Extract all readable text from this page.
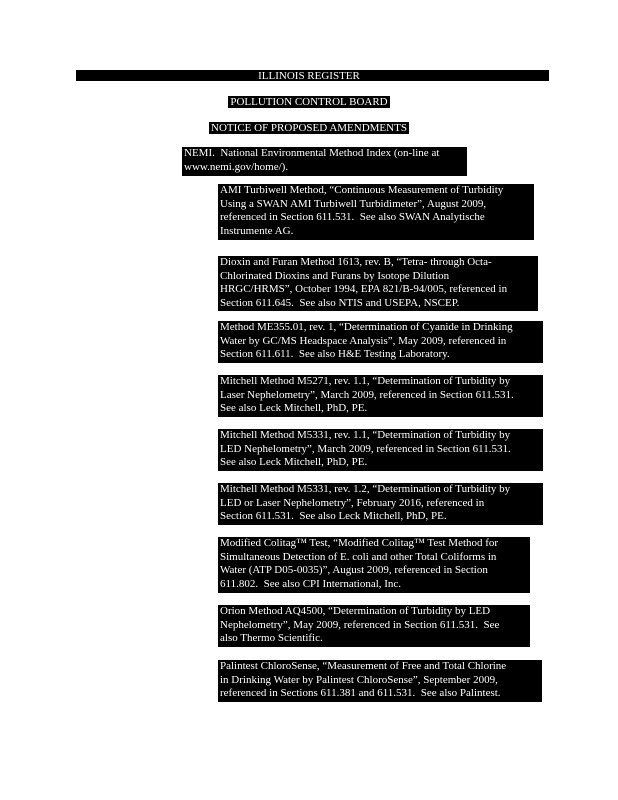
ILLINOIS REGISTER
POLLUTION CONTROL BOARD
NOTICE OF PROPOSED AMENDMENTS
NEMI.  National Environmental Method Index (on-line at
www.nemi.gov/home/).
AMI Turbiwell Method, “Continuous Measurement of Turbidity
Using a SWAN AMI Turbiwell Turbidimeter”, August 2009,
referenced in Section 611.531.  See also SWAN Analytische
Instrumente AG.
Dioxin and Furan Method 1613, rev. B, “Tetra- through Octa-
Chlorinated Dioxins and Furans by Isotope Dilution
HRGC/HRMS”, October 1994, EPA 821/B-94/005, referenced in
Section 611.645.  See also NTIS and USEPA, NSCEP.
Method ME355.01, rev. 1, “Determination of Cyanide in Drinking
Water by GC/MS Headspace Analysis”, May 2009, referenced in
Section 611.611.  See also H&E Testing Laboratory.
Mitchell Method M5271, rev. 1.1, “Determination of Turbidity by
Laser Nephelometry”, March 2009, referenced in Section 611.531.
See also Leck Mitchell, PhD, PE.
Mitchell Method M5331, rev. 1.1, “Determination of Turbidity by
LED Nephelometry”, March 2009, referenced in Section 611.531.
See also Leck Mitchell, PhD, PE.
Mitchell Method M5331, rev. 1.2, “Determination of Turbidity by
LED or Laser Nephelometry”, February 2016, referenced in
Section 611.531.  See also Leck Mitchell, PhD, PE.
Modified Colitag™ Test, “Modified Colitag™ Test Method for
Simultaneous Detection of E. coli and other Total Coliforms in
Water (ATP D05-0035)”, August 2009, referenced in Section
611.802.  See also CPI International, Inc.
Orion Method AQ4500, “Determination of Turbidity by LED
Nephelometry”, May 2009, referenced in Section 611.531.  See
also Thermo Scientific.
Palintest ChloroSense, “Measurement of Free and Total Chlorine
in Drinking Water by Palintest ChloroSense”, September 2009,
referenced in Sections 611.381 and 611.531.  See also Palintest.
